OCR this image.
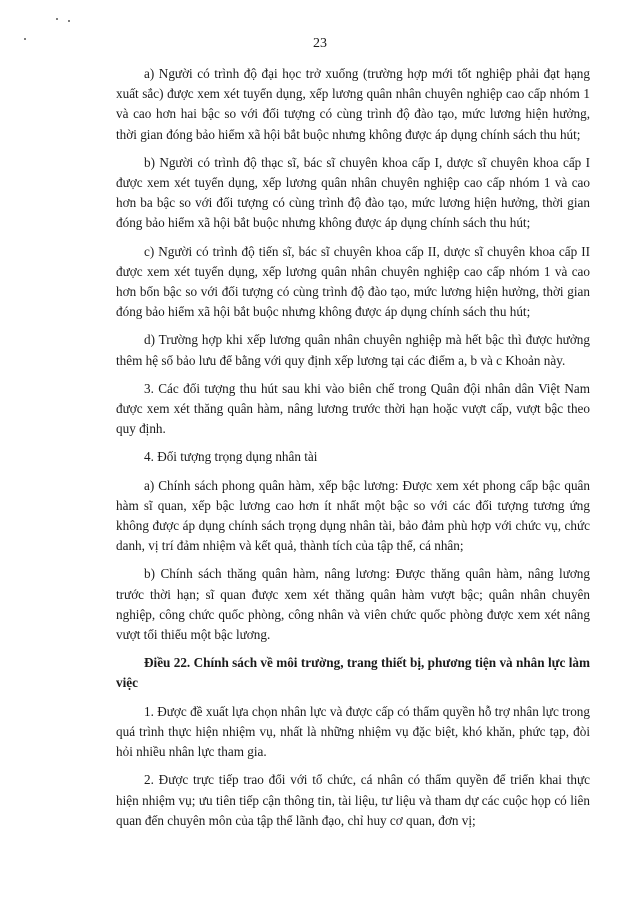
23

a) Người có trình độ đại học trở xuống (trường hợp mới tốt nghiệp phải đạt hạng xuất sắc) được xem xét tuyển dụng, xếp lương quân nhân chuyên nghiệp cao cấp nhóm 1 và cao hơn hai bậc so với đối tượng có cùng trình độ đào tạo, mức lương hiện hưởng, thời gian đóng bảo hiểm xã hội bắt buộc nhưng không được áp dụng chính sách thu hút;

b) Người có trình độ thạc sĩ, bác sĩ chuyên khoa cấp I, dược sĩ chuyên khoa cấp I được xem xét tuyển dụng, xếp lương quân nhân chuyên nghiệp cao cấp nhóm 1 và cao hơn ba bậc so với đối tượng có cùng trình độ đào tạo, mức lương hiện hưởng, thời gian đóng bảo hiểm xã hội bắt buộc nhưng không được áp dụng chính sách thu hút;

c) Người có trình độ tiến sĩ, bác sĩ chuyên khoa cấp II, dược sĩ chuyên khoa cấp II được xem xét tuyển dụng, xếp lương quân nhân chuyên nghiệp cao cấp nhóm 1 và cao hơn bốn bậc so với đối tượng có cùng trình độ đào tạo, mức lương hiện hưởng, thời gian đóng bảo hiểm xã hội bắt buộc nhưng không được áp dụng chính sách thu hút;

d) Trường hợp khi xếp lương quân nhân chuyên nghiệp mà hết bậc thì được hưởng thêm hệ số bảo lưu để bằng với quy định xếp lương tại các điểm a, b và c Khoản này.

3. Các đối tượng thu hút sau khi vào biên chế trong Quân đội nhân dân Việt Nam được xem xét thăng quân hàm, nâng lương trước thời hạn hoặc vượt cấp, vượt bậc theo quy định.

4. Đối tượng trọng dụng nhân tài

a) Chính sách phong quân hàm, xếp bậc lương: Được xem xét phong cấp bậc quân hàm sĩ quan, xếp bậc lương cao hơn ít nhất một bậc so với các đối tượng tương ứng không được áp dụng chính sách trọng dụng nhân tài, bảo đảm phù hợp với chức vụ, chức danh, vị trí đảm nhiệm và kết quả, thành tích của tập thể, cá nhân;

b) Chính sách thăng quân hàm, nâng lương: Được thăng quân hàm, nâng lương trước thời hạn; sĩ quan được xem xét thăng quân hàm vượt bậc; quân nhân chuyên nghiệp, công chức quốc phòng, công nhân và viên chức quốc phòng được xem xét nâng vượt tối thiểu một bậc lương.

Điều 22. Chính sách về môi trường, trang thiết bị, phương tiện và nhân lực làm việc

1. Được đề xuất lựa chọn nhân lực và được cấp có thẩm quyền hỗ trợ nhân lực trong quá trình thực hiện nhiệm vụ, nhất là những nhiệm vụ đặc biệt, khó khăn, phức tạp, đòi hỏi nhiều nhân lực tham gia.

2. Được trực tiếp trao đổi với tổ chức, cá nhân có thẩm quyền để triển khai thực hiện nhiệm vụ; ưu tiên tiếp cận thông tin, tài liệu, tư liệu và tham dự các cuộc họp có liên quan đến chuyên môn của tập thể lãnh đạo, chỉ huy cơ quan, đơn vị;
